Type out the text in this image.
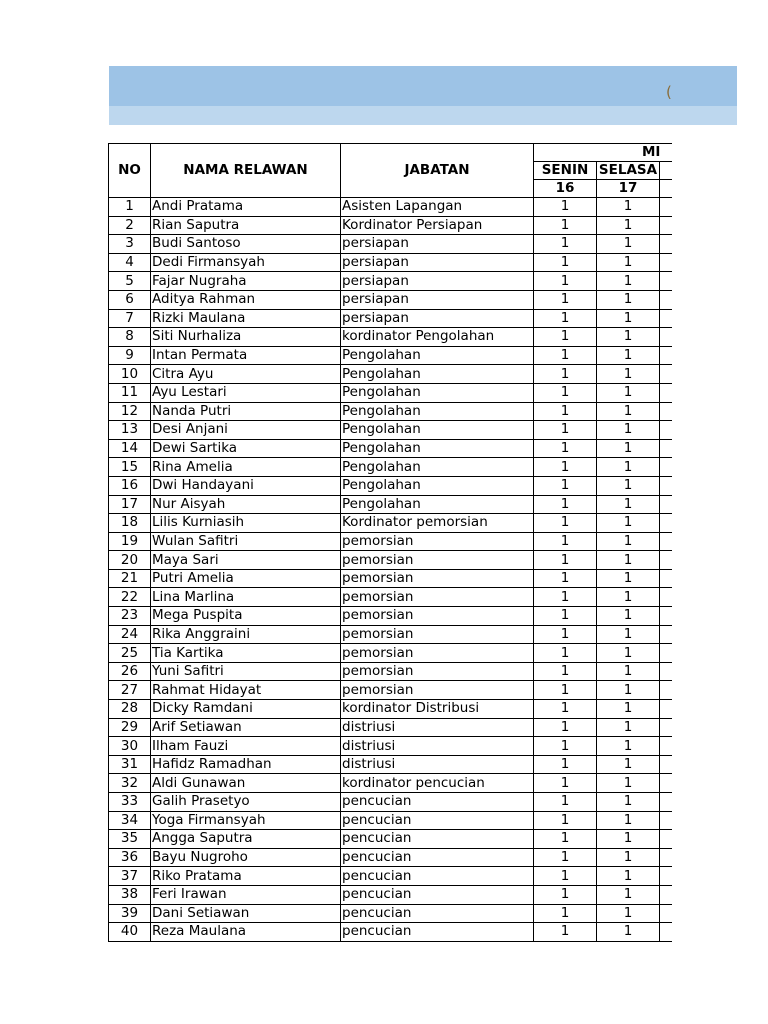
(
NO	NAMA RELAWAN	JABATAN	MI		
			SENIN	SELASA	
			16	17	
1	Andi Pratama	Asisten Lapangan	1	1	
2	Rian Saputra	Kordinator Persiapan	1	1	
3	Budi Santoso	persiapan	1	1	
4	Dedi Firmansyah	persiapan	1	1	
5	Fajar Nugraha	persiapan	1	1	
6	Aditya Rahman	persiapan	1	1	
7	Rizki Maulana	persiapan	1	1	
8	Siti Nurhaliza	kordinator Pengolahan	1	1	
9	Intan Permata	Pengolahan	1	1	
10	Citra Ayu	Pengolahan	1	1	
11	Ayu Lestari	Pengolahan	1	1	
12	Nanda Putri	Pengolahan	1	1	
13	Desi Anjani	Pengolahan	1	1	
14	Dewi Sartika	Pengolahan	1	1	
15	Rina Amelia	Pengolahan	1	1	
16	Dwi Handayani	Pengolahan	1	1	
17	Nur Aisyah	Pengolahan	1	1	
18	Lilis Kurniasih	Kordinator pemorsian	1	1	
19	Wulan Safitri	pemorsian	1	1	
20	Maya Sari	pemorsian	1	1	
21	Putri Amelia	pemorsian	1	1	
22	Lina Marlina	pemorsian	1	1	
23	Mega Puspita	pemorsian	1	1	
24	Rika Anggraini	pemorsian	1	1	
25	Tia Kartika	pemorsian	1	1	
26	Yuni Safitri	pemorsian	1	1	
27	Rahmat Hidayat	pemorsian	1	1	
28	Dicky Ramdani	kordinator Distribusi	1	1	
29	Arif Setiawan	distriusi	1	1	
30	Ilham Fauzi	distriusi	1	1	
31	Hafidz Ramadhan	distriusi	1	1	
32	Aldi Gunawan	kordinator pencucian	1	1	
33	Galih Prasetyo	pencucian	1	1	
34	Yoga Firmansyah	pencucian	1	1	
35	Angga Saputra	pencucian	1	1	
36	Bayu Nugroho	pencucian	1	1	
37	Riko Pratama	pencucian	1	1	
38	Feri Irawan	pencucian	1	1	
39	Dani Setiawan	pencucian	1	1	
40	Reza Maulana	pencucian	1	1	
